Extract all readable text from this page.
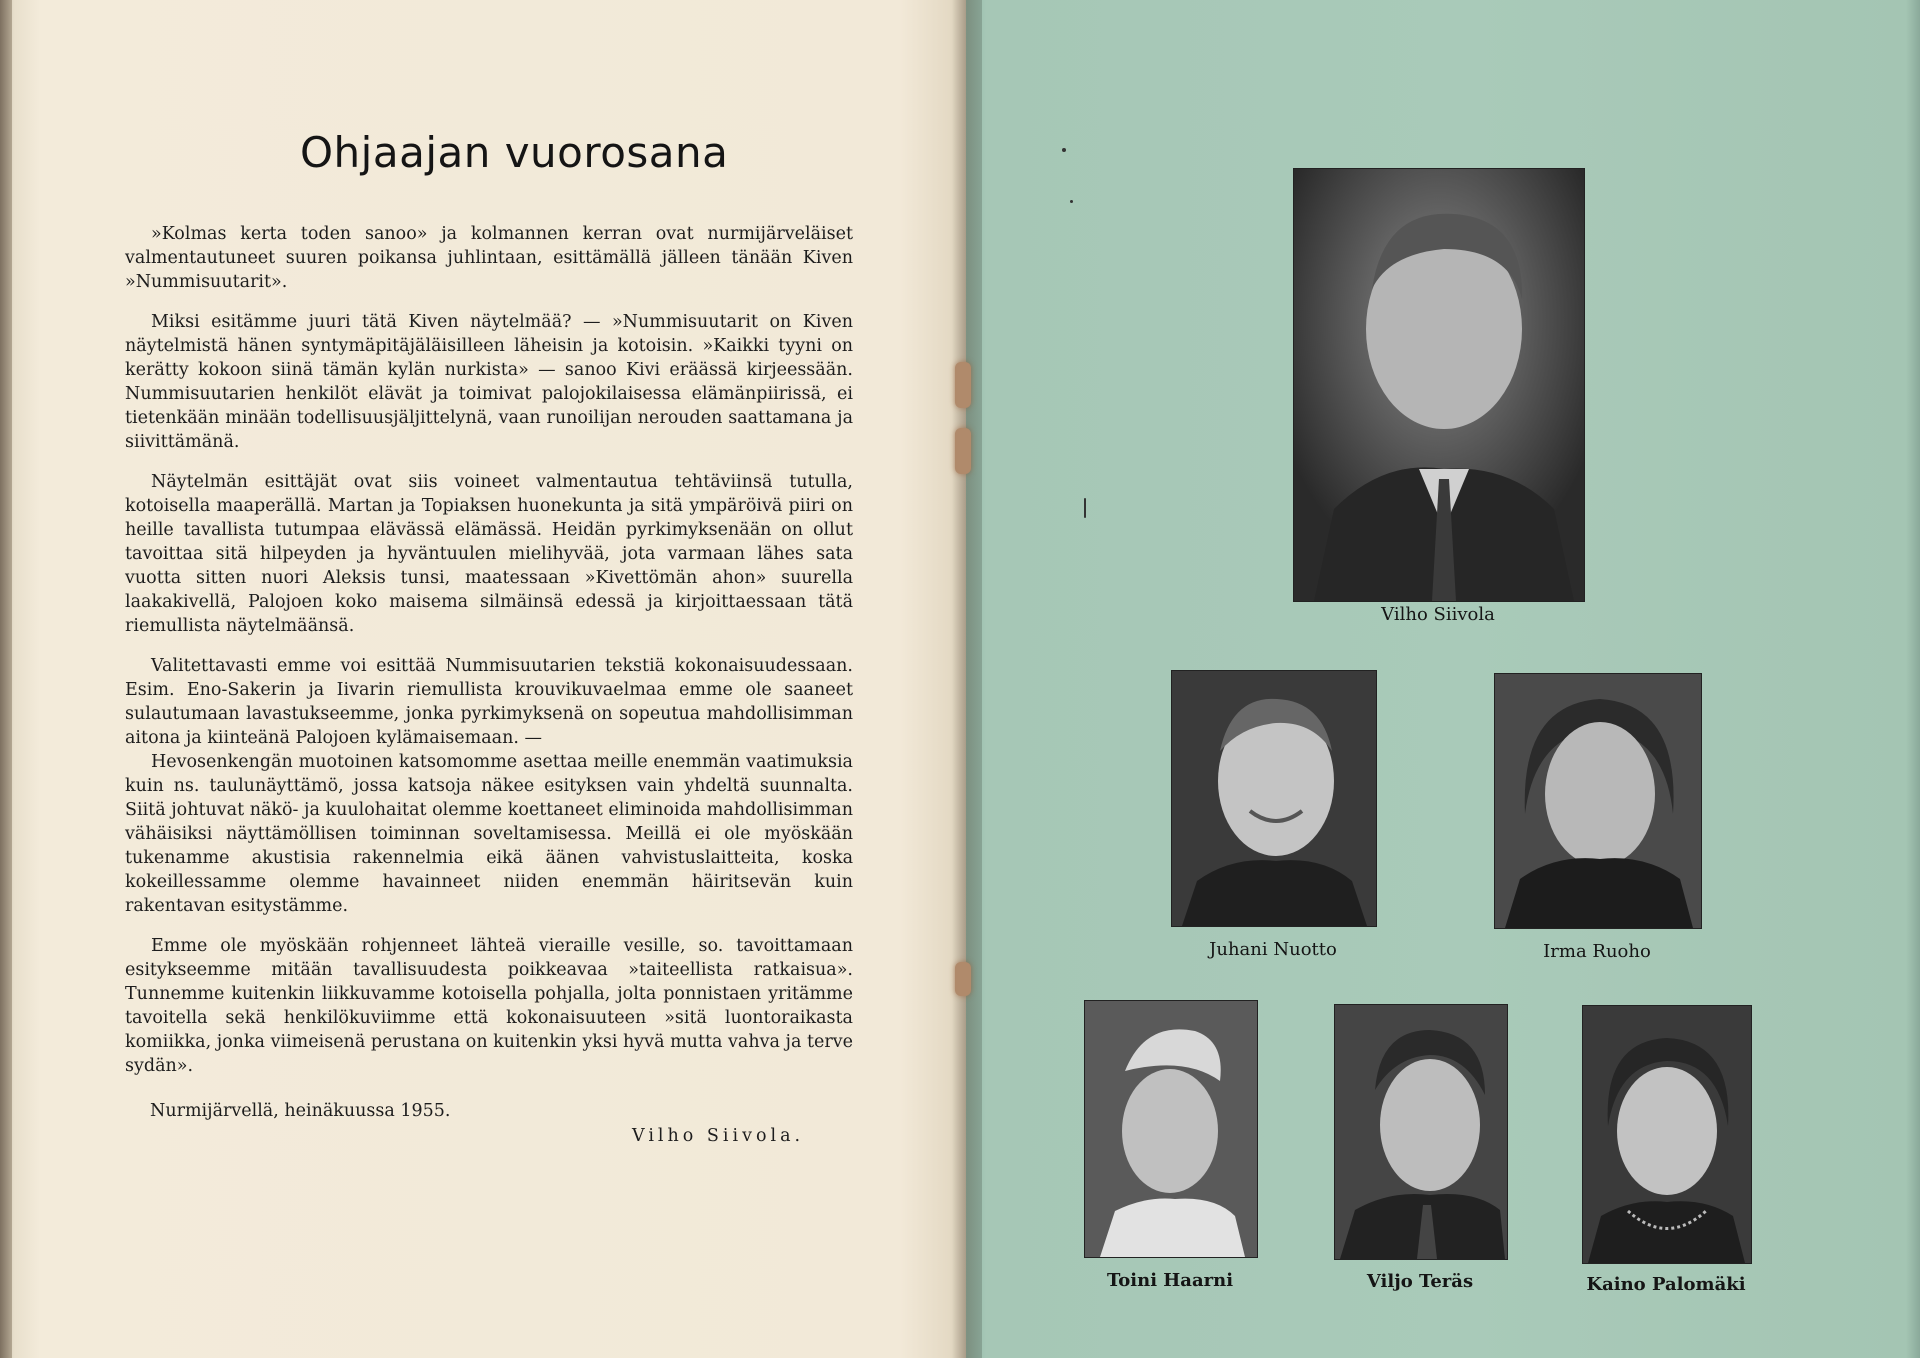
Ohjaajan vuorosana

»Kolmas kerta toden sanoo» ja kolmannen kerran ovat nurmijärveläiset valmentautuneet suuren poikansa juhlintaan, esittämällä jälleen tänään Kiven »Nummisuutarit».

Miksi esitämme juuri tätä Kiven näytelmää? — »Nummisuutarit on Kiven näytelmistä hänen syntymäpitäjäläisilleen läheisin ja kotoisin. »Kaikki tyyni on kerätty kokoon siinä tämän kylän nurkista» — sanoo Kivi eräässä kirjeessään. Nummisuutarien henkilöt elävät ja toimivat palojokilaisessa elämänpiirissä, ei tietenkään minään todellisuusjäljittelynä, vaan runoilijan nerouden saattamana ja siivittämänä.

Näytelmän esittäjät ovat siis voineet valmentautua tehtäviinsä tutulla, kotoisella maaperällä. Martan ja Topiaksen huonekunta ja sitä ympäröivä piiri on heille tavallista tutumpaa elävässä elämässä. Heidän pyrkimyksenään on ollut tavoittaa sitä hilpeyden ja hyväntuulen mielihyvää, jota varmaan lähes sata vuotta sitten nuori Aleksis tunsi, maatessaan »Kivettömän ahon» suurella laakakivellä, Palojoen koko maisema silmäinsä edessä ja kirjoittaessaan tätä riemullista näytelmäänsä.

Valitettavasti emme voi esittää Nummisuutarien tekstiä kokonaisuudessaan. Esim. Eno-Sakerin ja Iivarin riemullista krouvikuvaelmaa emme ole saaneet sulautumaan lavastukseemme, jonka pyrkimyksenä on sopeutua mahdollisimman aitona ja kiinteänä Palojoen kylämaisemaan. —

Hevosenkengän muotoinen katsomomme asettaa meille enemmän vaatimuksia kuin ns. taulunäyttämö, jossa katsoja näkee esityksen vain yhdeltä suunnalta. Siitä johtuvat näkö- ja kuulohaitat olemme koettaneet eliminoida mahdollisimman vähäisiksi näyttämöllisen toiminnan soveltamisessa. Meillä ei ole myöskään tukenamme akustisia rakennelmia eikä äänen vahvistuslaitteita, koska kokeillessamme olemme havainneet niiden enemmän häiritsevän kuin rakentavan esitystämme.

Emme ole myöskään rohjenneet lähteä vieraille vesille, so. tavoittamaan esitykseemme mitään tavallisuudesta poikkeavaa »taiteellista ratkaisua». Tunnemme kuitenkin liikkuvamme kotoisella pohjalla, jolta ponnistaen yritämme tavoitella sekä henkilökuviimme että kokonaisuuteen »sitä luontoraikasta komiikka, jonka viimeisenä perustana on kuitenkin yksi hyvä mutta vahva ja terve sydän».

Nurmijärvellä, heinäkuussa 1955.
Vilho Siivola.
Vilho Siivola
Juhani Nuotto	Irma Ruoho
Toini Haarni	Viljo Teräs	Kaino Palomäki
